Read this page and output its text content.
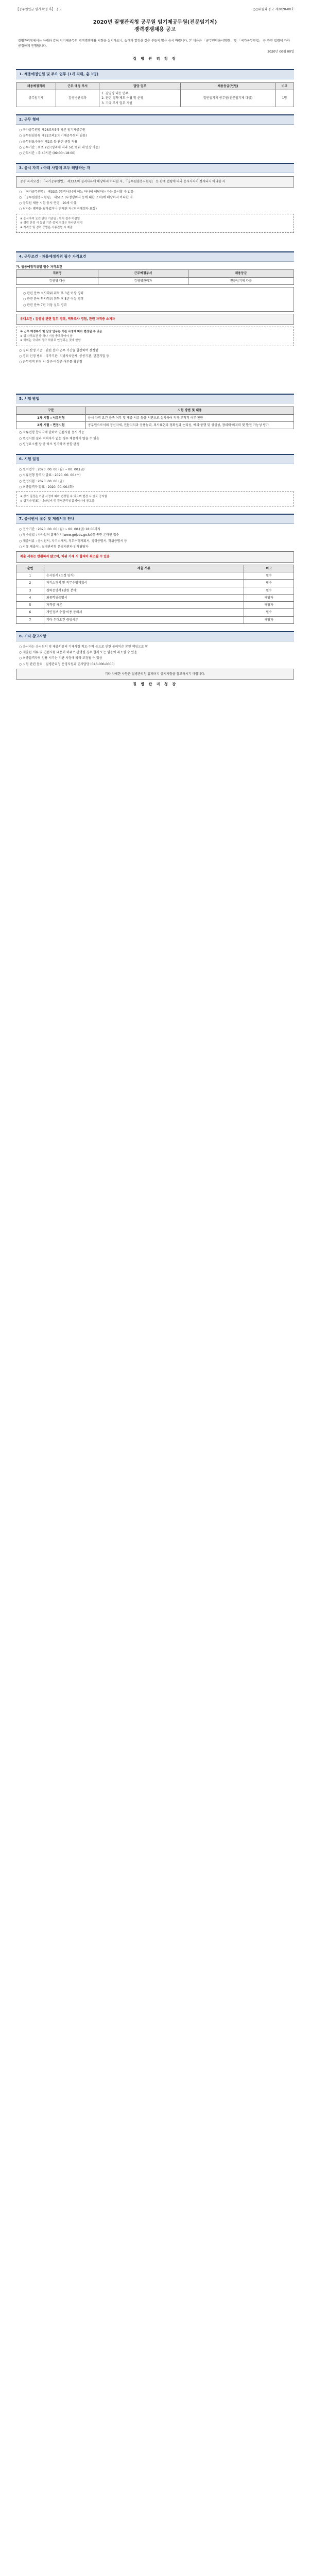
【공무원연금 임기 확정 후】 공고	○○위원회 공고 제2020-00호
2020년 질병관리청 공무원 임기제공무원(전문임기제)
경력경쟁채용 공고
질병관리청에서는 아래와 같이 임기제공무원 경력경쟁채용 시험을 실시하오니, 능력과 열정을 갖춘 분들의 많은 응시 바랍니다. 본 채용은 「공무원임용시험령」 및 「국가공무원법」 등 관련 법령에 따라 공정하게 진행됩니다.
2020년 00월 00일
질 병 관 리 청 장
1. 채용예정인원 및 주요 업무 (1개 직위, 총 1명)
채용예정직위	근무 예정 부서	담당 업무	채용등급(인원)	비고
공무임기제	감염병관리과	1. 감염병 대응 업무
2. 관련 정책·제도 수립 및 운영
3. 기타 부서 업무 지원	일반임기제 공무원(전문임기제 다급)	1명
2. 근무 형태
○ 국가공무원법 제26조의5에 따른 임기제공무원
○ 공무원임용령 제22조의2(임기제공무원의 임용)
○ 공무원보수규정 제2조 등 관련 규정 적용
○ 근무기간 : 최초 2년 (성과에 따라 5년 범위 내 연장 가능)
○ 근무시간 : 주 40시간 (09:00~18:00)
3. 응시 자격 : 아래 사항에 모두 해당하는 자
공통 자격요건 : 「국가공무원법」 제33조의 결격사유에 해당하지 아니한 자, 「공무원임용시험령」 등 관계 법령에 따라 응시자격이 정지되지 아니한 자
○ 「국가공무원법」 제33조 (결격사유)의 어느 하나에 해당하는 자는 응시할 수 없음
○ 「공무원임용시험령」 제51조 (부정행위자 등에 대한 조치)에 해당하지 아니한 자
○ 공무원 채용 시험 응시 연령 : 20세 이상
○ 남자는 병역을 필하였거나 면제된 자 (전역예정자 포함)
※ 응시자격 요건 판단 기준일 : 원서 접수 마감일
※ 경력 산정 시 동일 기간 중복 경력은 하나만 인정
※ 자격증 및 경력 증빙은 서류전형 시 제출
4. 근무조건 · 채용예정직위 필수 자격요건
가. 임용예정직위별 필수 자격요건
직위명	근무예정부서	채용등급
감염병 대응	감염병관리과	전문임기제 다급
○ 관련 분야 석사학위 취득 후 3년 이상 경력
○ 관련 분야 학사학위 취득 후 5년 이상 경력
○ 관련 분야 7년 이상 실무 경력
우대요건 : 감염병 관련 업무 경력, 역학조사 경험, 관련 자격증 소지자
※ 근무 예정부서 및 담당 업무는 기관 사정에 따라 변경될 수 있음
※ 위 자격요건 중 하나 이상 충족하여야 함
※ 학위는 국내외 정규 학위로 인정되는 것에 한함
○ 경력 산정 기준 : 관련 분야 근무 기간을 합산하여 산정함
○ 경력 인정 범위 : 국가기관, 지방자치단체, 공공기관, 민간기업 등
○ 근무경력 인정 시 상근·비상근 여부를 확인함
5. 시험 방법
구분	시험 방법 및 내용
1차 시험 : 서류전형	응시 자격 요건 충족 여부 및 제출 서류 등을 서면으로 심사하여 적격·부적격 여부 판단
2차 시험 : 면접시험	공무원으로서의 정신자세, 전문지식과 응용능력, 의사표현의 정확성과 논리성, 예의·품행 및 성실성, 창의력·의지력 및 발전 가능성 평가
○ 서류전형 합격자에 한하여 면접시험 응시 가능
○ 면접시험 결과 적격자가 없는 경우 채용하지 않을 수 있음
○ 평정요소별 상·중·하로 평가하여 종합 판정
6. 시험 일정
○ 원서접수 : 2020. 00. 00.(월) ~ 00. 00.(금)
○ 서류전형 합격자 발표 : 2020. 00. 00.(수)
○ 면접시험 : 2020. 00. 00.(금)
○ 최종합격자 발표 : 2020. 00. 00.(화)
※ 상기 일정은 기관 사정에 따라 변경될 수 있으며 변경 시 별도 공지함
※ 합격자 발표는 나라일터 및 질병관리청 홈페이지에 공고함
7. 응시원서 접수 및 제출서류 안내
○ 접수기간 : 2020. 00. 00.(월) ~ 00. 00.(금) 18:00까지
○ 접수방법 : 나라일터 홈페이지(www.gojobs.go.kr)를 통한 온라인 접수
○ 제출서류 : 응시원서, 자기소개서, 직무수행계획서, 경력증명서, 학위증명서 등
○ 서류 제출처 : 질병관리청 운영지원과 인사담당자
제출 서류는 반환하지 않으며, 허위 기재 시 합격이 취소될 수 있음
순번	제출 서류	비고
1	응시원서 (소정 양식)	필수
2	자기소개서 및 직무수행계획서	필수
3	경력증명서 (관련 분야)	필수
4	최종학위증명서	해당자
5	자격증 사본	해당자
6	개인정보 수집·이용 동의서	필수
7	기타 우대요건 증빙서류	해당자
8. 기타 참고사항
○ 응시자는 응시원서 및 제출서류의 기재사항 착오·누락 등으로 인한 불이익은 본인 책임으로 함
○ 제출된 서류 및 면접시험 내용이 허위로 판명될 경우 합격 또는 임용이 취소될 수 있음
○ 최종합격자의 임용 시기는 기관 사정에 따라 조정될 수 있음
○ 시험 관련 문의 : 질병관리청 운영지원과 인사담당 (043-000-0000)
기타 자세한 사항은 질병관리청 홈페이지 공지사항을 참고하시기 바랍니다.
질 병 관 리 청 장
